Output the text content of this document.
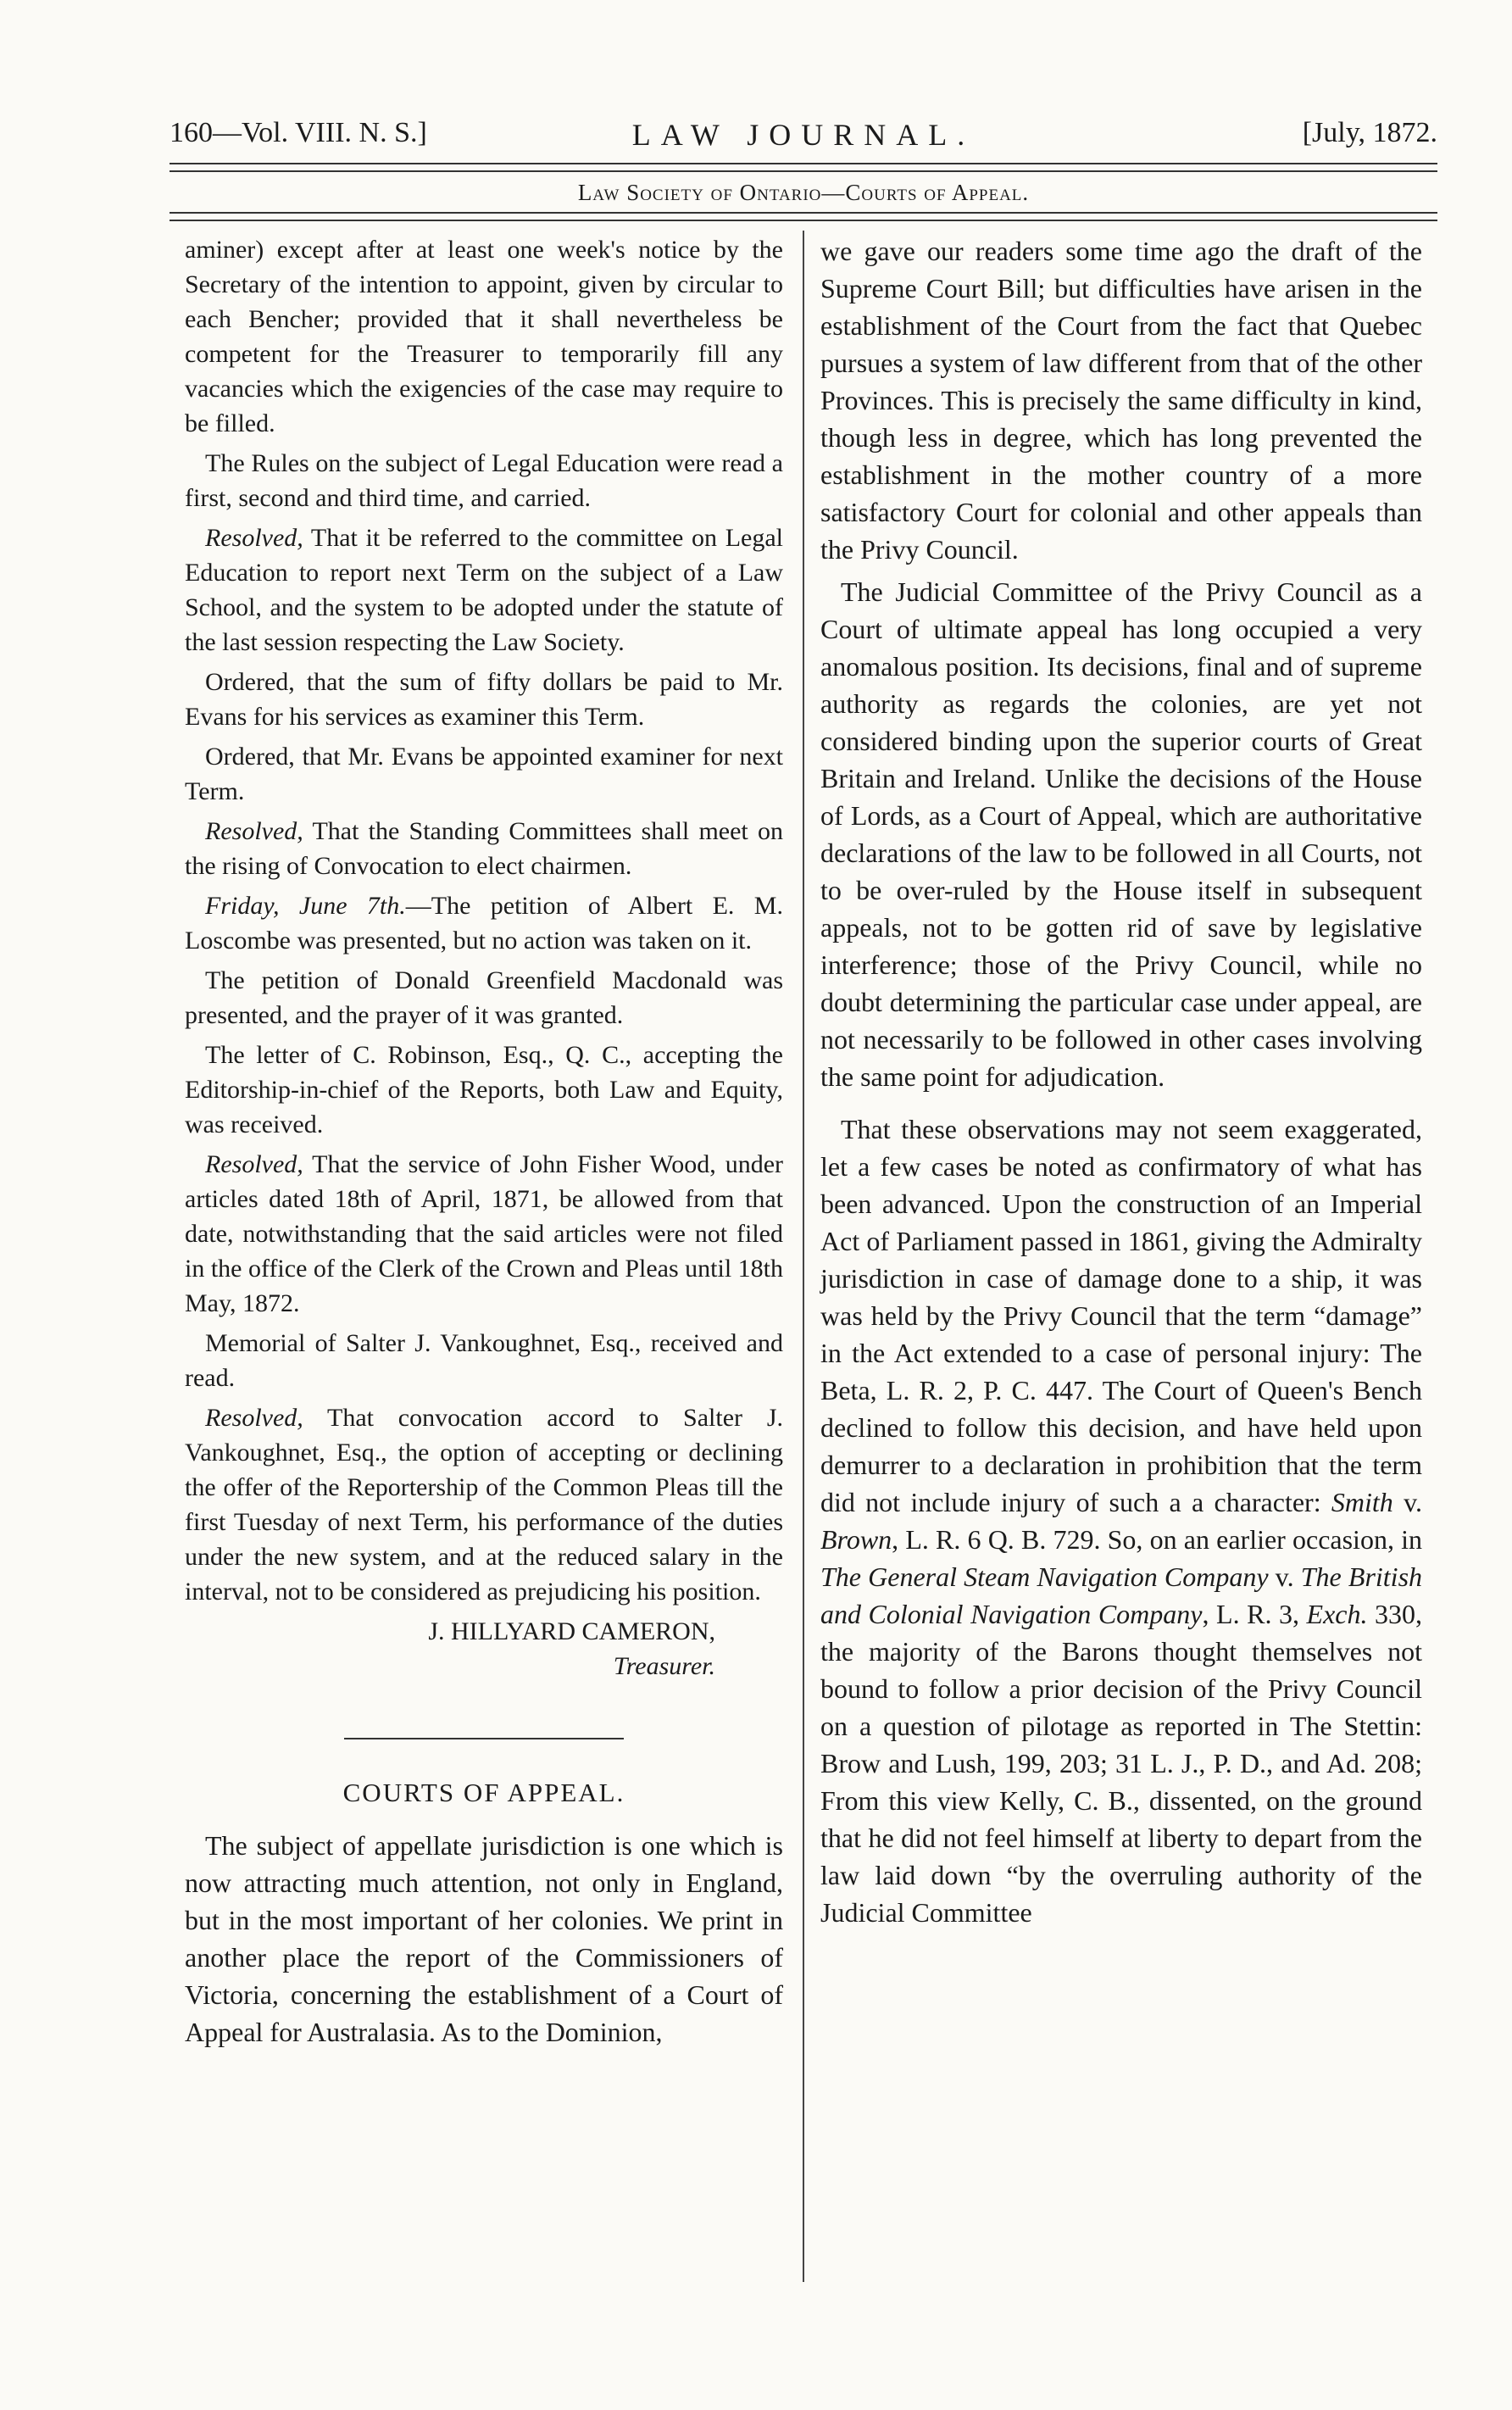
160—Vol. VIII. N. S.]	LAW JOURNAL.	[July, 1872.
Law Society of Ontario—Courts of Appeal.

aminer) except after at least one week's notice by the Secretary of the intention to appoint, given by circular to each Bencher; provided that it shall nevertheless be competent for the Treasurer to temporarily fill any vacancies which the exigencies of the case may require to be filled.

The Rules on the subject of Legal Education were read a first, second and third time, and carried.

Resolved, That it be referred to the committee on Legal Education to report next Term on the subject of a Law School, and the system to be adopted under the statute of the last session respecting the Law Society.

Ordered, that the sum of fifty dollars be paid to Mr. Evans for his services as examiner this Term.

Ordered, that Mr. Evans be appointed examiner for next Term.

Resolved, That the Standing Committees shall meet on the rising of Convocation to elect chairmen.

Friday, June 7th.—The petition of Albert E. M. Loscombe was presented, but no action was taken on it.

The petition of Donald Greenfield Macdonald was presented, and the prayer of it was granted.

The letter of C. Robinson, Esq., Q. C., accepting the Editorship-in-chief of the Reports, both Law and Equity, was received.

Resolved, That the service of John Fisher Wood, under articles dated 18th of April, 1871, be allowed from that date, notwithstanding that the said articles were not filed in the office of the Clerk of the Crown and Pleas until 18th May, 1872.

Memorial of Salter J. Vankoughnet, Esq., received and read.

Resolved, That convocation accord to Salter J. Vankoughnet, Esq., the option of accepting or declining the offer of the Reportership of the Common Pleas till the first Tuesday of next Term, his performance of the duties under the new system, and at the reduced salary in the interval, not to be considered as prejudicing his position.

J. HILLYARD CAMERON,

Treasurer.
COURTS OF APPEAL.

The subject of appellate jurisdiction is one which is now attracting much attention, not only in England, but in the most important of her colonies. We print in another place the report of the Commissioners of Victoria, concerning the establishment of a Court of Appeal for Australasia. As to the Dominion,

we gave our readers some time ago the draft of the Supreme Court Bill; but difficulties have arisen in the establishment of the Court from the fact that Quebec pursues a system of law different from that of the other Provinces. This is precisely the same difficulty in kind, though less in degree, which has long prevented the establishment in the mother country of a more satisfactory Court for colonial and other appeals than the Privy Council.

The Judicial Committee of the Privy Council as a Court of ultimate appeal has long occupied a very anomalous position. Its decisions, final and of supreme authority as regards the colonies, are yet not considered binding upon the superior courts of Great Britain and Ireland. Unlike the decisions of the House of Lords, as a Court of Appeal, which are authoritative declarations of the law to be followed in all Courts, not to be over-ruled by the House itself in subsequent appeals, not to be gotten rid of save by legislative interference; those of the Privy Council, while no doubt determining the particular case under appeal, are not necessarily to be followed in other cases involving the same point for adjudication.

That these observations may not seem exaggerated, let a few cases be noted as confirmatory of what has been advanced. Upon the construction of an Imperial Act of Parliament passed in 1861, giving the Admiralty jurisdiction in case of damage done to a ship, it was was held by the Privy Council that the term “damage” in the Act extended to a case of personal injury: The Beta, L. R. 2, P. C. 447. The Court of Queen's Bench declined to follow this decision, and have held upon demurrer to a declaration in prohibition that the term did not include injury of such a a character: Smith v. Brown, L. R. 6 Q. B. 729. So, on an earlier occasion, in The General Steam Navigation Company v. The British and Colonial Navigation Company, L. R. 3, Exch. 330, the majority of the Barons thought themselves not bound to follow a prior decision of the Privy Council on a question of pilotage as reported in The Stettin: Brow and Lush, 199, 203; 31 L. J., P. D., and Ad. 208; From this view Kelly, C. B., dissented, on the ground that he did not feel himself at liberty to depart from the law laid down “by the overruling authority of the Judicial Committee
